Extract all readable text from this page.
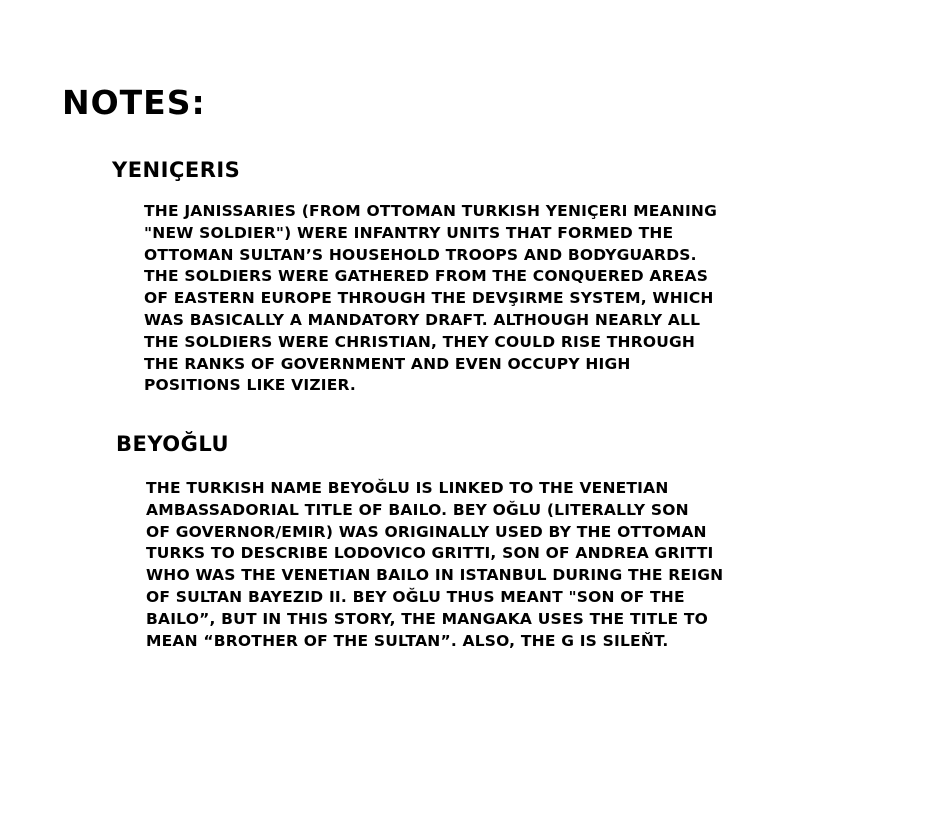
NOTES:
YENIÇERIS
THE JANISSARIES (FROM OTTOMAN TURKISH YENIÇERI MEANING
"NEW SOLDIER") WERE INFANTRY UNITS THAT FORMED THE
OTTOMAN SULTAN’S HOUSEHOLD TROOPS AND BODYGUARDS.
THE SOLDIERS WERE GATHERED FROM THE CONQUERED AREAS
OF EASTERN EUROPE THROUGH THE DEVŞIRME SYSTEM, WHICH
WAS BASICALLY A MANDATORY DRAFT. ALTHOUGH NEARLY ALL
THE SOLDIERS WERE CHRISTIAN, THEY COULD RISE THROUGH
THE RANKS OF GOVERNMENT AND EVEN OCCUPY HIGH
POSITIONS LIKE VIZIER.
BEYOĞLU
THE TURKISH NAME BEYOĞLU IS LINKED TO THE VENETIAN
AMBASSADORIAL TITLE OF BAILO. BEY OĞLU (LITERALLY SON
OF GOVERNOR/EMIR) WAS ORIGINALLY USED BY THE OTTOMAN
TURKS TO DESCRIBE LODOVICO GRITTI, SON OF ANDREA GRITTI
WHO WAS THE VENETIAN BAILO IN ISTANBUL DURING THE REIGN
OF SULTAN BAYEZID II. BEY OĞLU THUS MEANT "SON OF THE
BAILO”, BUT IN THIS STORY, THE MANGAKA USES THE TITLE TO
MEAN “BROTHER OF THE SULTAN”. ALSO, THE G IS SILEŇT.
